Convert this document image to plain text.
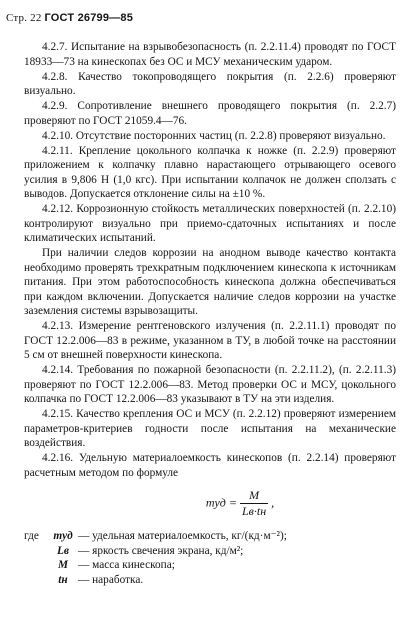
Стр. 22 ГОСТ 26799—85

4.2.7. Испытание на взрывобезопасность (п. 2.2.11.4) проводят по ГОСТ 18933—73 на кинескопах без ОС и МСУ механическим ударом.

4.2.8. Качество токопроводящего покрытия (п. 2.2.6) проверяют визуально.

4.2.9. Сопротивление внешнего проводящего покрытия (п. 2.2.7) проверяют по ГОСТ 21059.4—76.

4.2.10. Отсутствие посторонних частиц (п. 2.2.8) проверяют визуально.

4.2.11. Крепление цокольного колпачка к ножке (п. 2.2.9) проверяют приложением к колпачку плавно нарастающего отрывающего осевого усилия в 9,806 Н (1,0 кгс). При испытании колпачок не должен сползать с выводов. Допускается отклонение силы на ±10 %.

4.2.12. Коррозионную стойкость металлических поверхностей (п. 2.2.10) контролируют визуально при приемо-сдаточных испытаниях и после климатических испытаний.

При наличии следов коррозии на анодном выводе качество контакта необходимо проверять трехкратным подключением кинескопа к источникам питания. При этом работоспособность кинескопа должна обеспечиваться при каждом включении. Допускается наличие следов коррозии на участке заземления системы взрывозащиты.

4.2.13. Измерение рентгеновского излучения (п. 2.2.11.1) проводят по ГОСТ 12.2.006—83 в режиме, указанном в ТУ, в любой точке на расстоянии 5 см от внешней поверхности кинескопа.

4.2.14. Требования по пожарной безопасности (п. 2.2.11.2), (п. 2.2.11.3) проверяют по ГОСТ 12.2.006—83. Метод проверки ОС и МСУ, цокольного колпачка по ГОСТ 12.2.006—83 указывают в ТУ на эти изделия.

4.2.15. Качество крепления ОС и МСУ (п. 2.2.12) проверяют измерением параметров-критериев годности после испытания на механические воздействия.

4.2.16. Удельную материалоемкость кинескопов (п. 2.2.14) проверяют расчетным методом по формуле

mуд = $\frac{M}{Lв\cdot tн}$ ,
где	mуд — удельная материалоемкость, кг/(кд·м⁻²);
Lв — яркость свечения экрана, кд/м²;
M — масса кинескопа;
tн — наработка.
